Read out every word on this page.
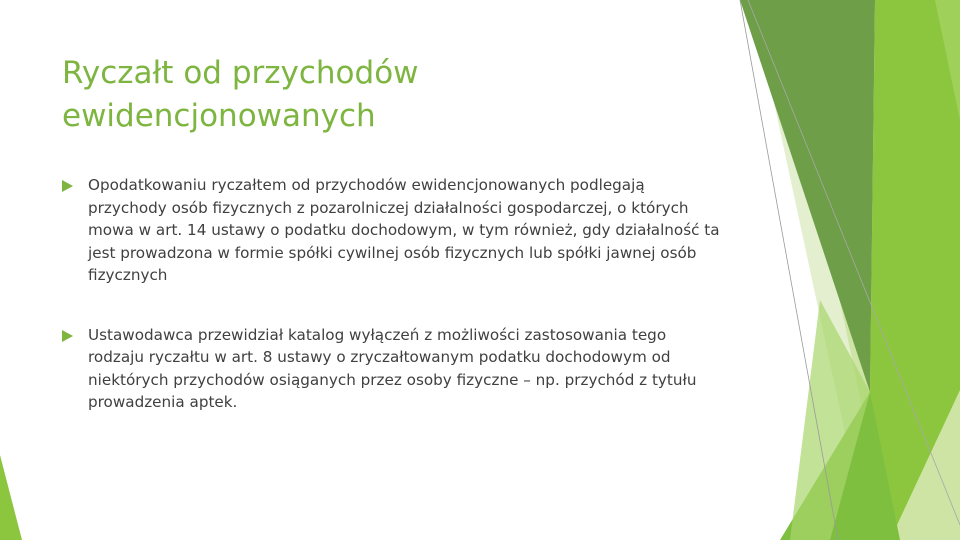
Ryczałt od przychodów
ewidencjonowanych
Opodatkowaniu ryczałtem od przychodów ewidencjonowanych podlegają przychody osób fizycznych z pozarolniczej działalności gospodarczej, o których mowa w art. 14 ustawy o podatku dochodowym, w tym również, gdy działalność ta jest prowadzona w formie spółki cywilnej osób fizycznych lub spółki jawnej osób fizycznych
Ustawodawca przewidział katalog wyłączeń z możliwości zastosowania tego rodzaju ryczałtu w art. 8 ustawy o zryczałtowanym podatku dochodowym od niektórych przychodów osiąganych przez osoby fizyczne – np. przychód z tytułu prowadzenia aptek.
